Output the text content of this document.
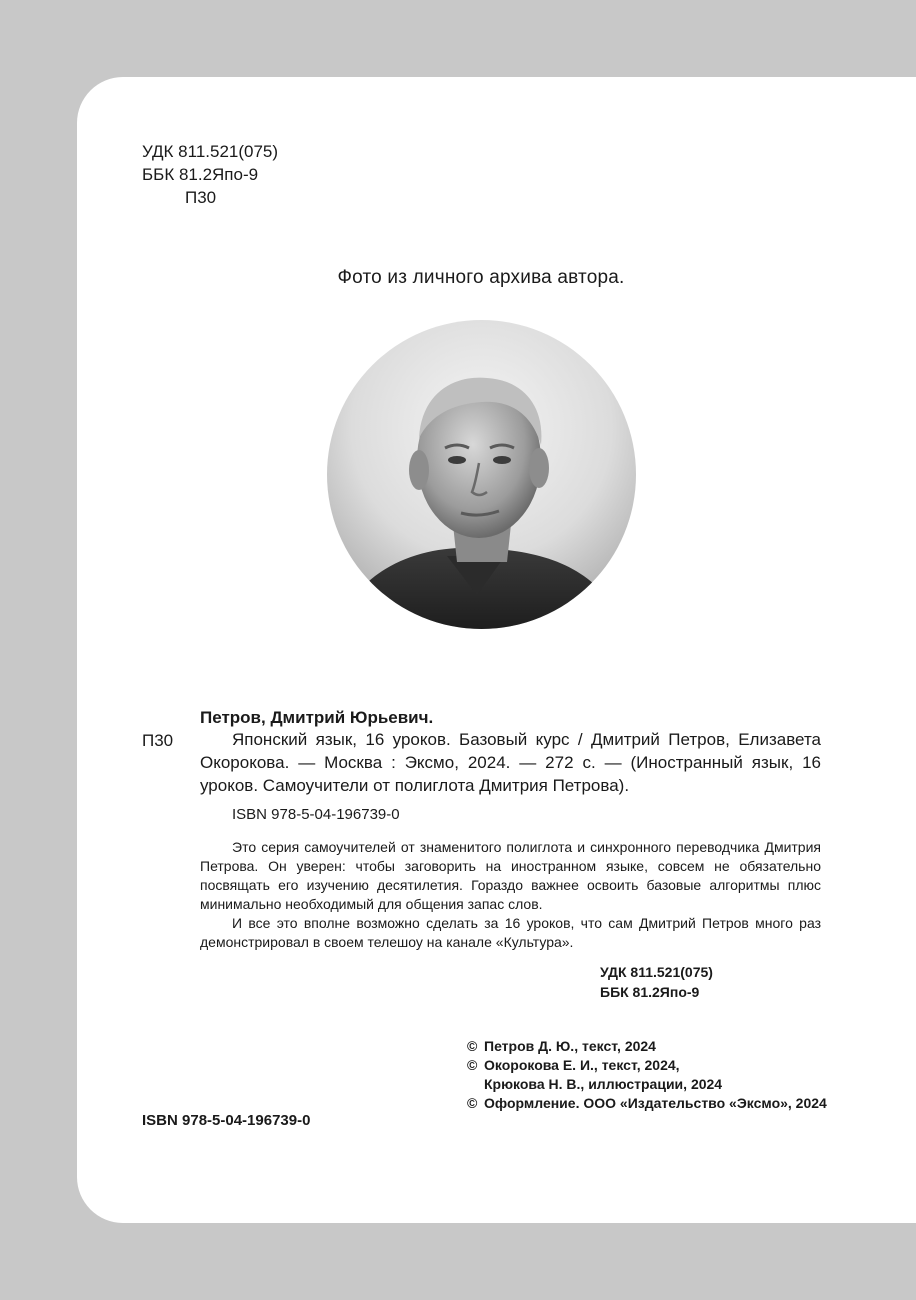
УДК 811.521(075)
ББК 81.2Япо-9
П30
Фото из личного архива автора.
Петров, Дмитрий Юрьевич.
П30	Японский язык, 16 уроков. Базовый курс / Дмитрий Петров, Елизавета Окорокова. — Москва : Эксмо, 2024. — 272 с. — (Иностранный язык, 16 уроков. Самоучители от полиглота Дмитрия Петрова).
ISBN 978-5-04-196739-0

Это серия самоучителей от знаменитого полиглота и синхронного переводчика Дмитрия Петрова. Он уверен: чтобы заговорить на иностранном языке, совсем не обязательно посвящать его изучению десятилетия. Гораздо важнее освоить базовые алгоритмы плюс минимально необходимый для общения запас слов.

И все это вполне возможно сделать за 16 уроков, что сам Дмитрий Петров много раз демонстрировал в своем телешоу на канале «Культура».

УДК 811.521(075)
ББК 81.2Япо-9
© Петров Д. Ю., текст, 2024
© Окорокова Е. И., текст, 2024,
Крюкова Н. В., иллюстрации, 2024
© Оформление. ООО «Издательство «Эксмо», 2024
ISBN 978-5-04-196739-0
